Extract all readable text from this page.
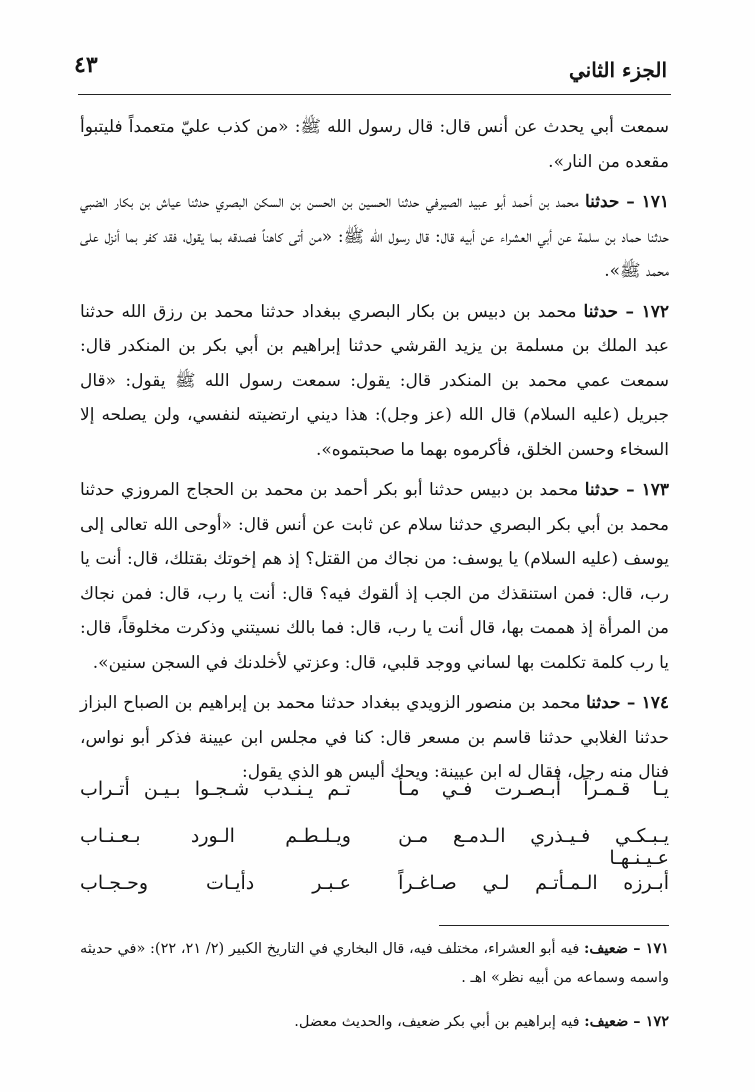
الجزء الثاني
٤٣

سمعت أبي يحدث عن أنس قال: قال رسول الله ﷺ: «من كذب عليّ متعمداً فليتبوأ مقعده من النار».

١٧١ – حدثنا محمد بن أحمد أبو عبيد الصيرفي حدثنا الحسين بن الحسن بن السكن البصري حدثنا عياش بن بكار الضبي حدثنا حماد بن سلمة عن أبي العشراء عن أبيه قال: قال رسول الله ﷺ: «من أتى كاهناً فصدقه بما يقول، فقد كفر بما أنزل على محمد ﷺ».

١٧٢ – حدثنا محمد بن دبيس بن بكار البصري ببغداد حدثنا محمد بن رزق الله حدثنا عبد الملك بن مسلمة بن يزيد القرشي حدثنا إبراهيم بن أبي بكر بن المنكدر قال: سمعت عمي محمد بن المنكدر قال: يقول: سمعت رسول الله ﷺ يقول: «قال جبريل (عليه السلام) قال الله (عز وجل): هذا ديني ارتضيته لنفسي، ولن يصلحه إلا السخاء وحسن الخلق، فأكرموه بهما ما صحبتموه».

١٧٣ – حدثنا محمد بن دبيس حدثنا أبو بكر أحمد بن محمد بن الحجاج المروزي حدثنا محمد بن أبي بكر البصري حدثنا سلام عن ثابت عن أنس قال: «أوحى الله تعالى إلى يوسف (عليه السلام) يا يوسف: من نجاك من القتل؟ إذ هم إخوتك بقتلك، قال: أنت يا رب، قال: فمن استنقذك من الجب إذ ألقوك فيه؟ قال: أنت يا رب، قال: فمن نجاك من المرأة إذ هممت بها، قال أنت يا رب، قال: فما بالك نسيتني وذكرت مخلوقاً، قال: يا رب كلمة تكلمت بها لساني ووجد قلبي، قال: وعزتي لأخلدنك في السجن سنين».

١٧٤ – حدثنا محمد بن منصور الزويدي ببغداد حدثنا محمد بن إبراهيم بن الصباح البزاز حدثنا الغلابي حدثنا قاسم بن مسعر قال: كنا في مجلس ابن عيينة فذكر أبو نواس، فنال منه رجل، فقال له ابن عيينة: ويحك أليس هو الذي يقول:

يـا قـمـراً أبـصـرت فـي مـأ
تـم يـنـدب شـجـوا بـيـن أتـراب
يـبـكـي فـيـذري الـدمـع مـن عـيـنـهـا
ويـلـطـم الـورد بـعـنـاب
أبـرزه الـمـأتـم لـي صـاغـراً
عـبـر دأيـات وحـجـاب

١٧١ – ضعيف: فيه أبو العشراء، مختلف فيه، قال البخاري في التاريخ الكبير (٢/ ٢١، ٢٢): «في حديثه واسمه وسماعه من أبيه نظر» اهـ .

١٧٢ – ضعيف: فيه إبراهيم بن أبي بكر ضعيف، والحديث معضل.
